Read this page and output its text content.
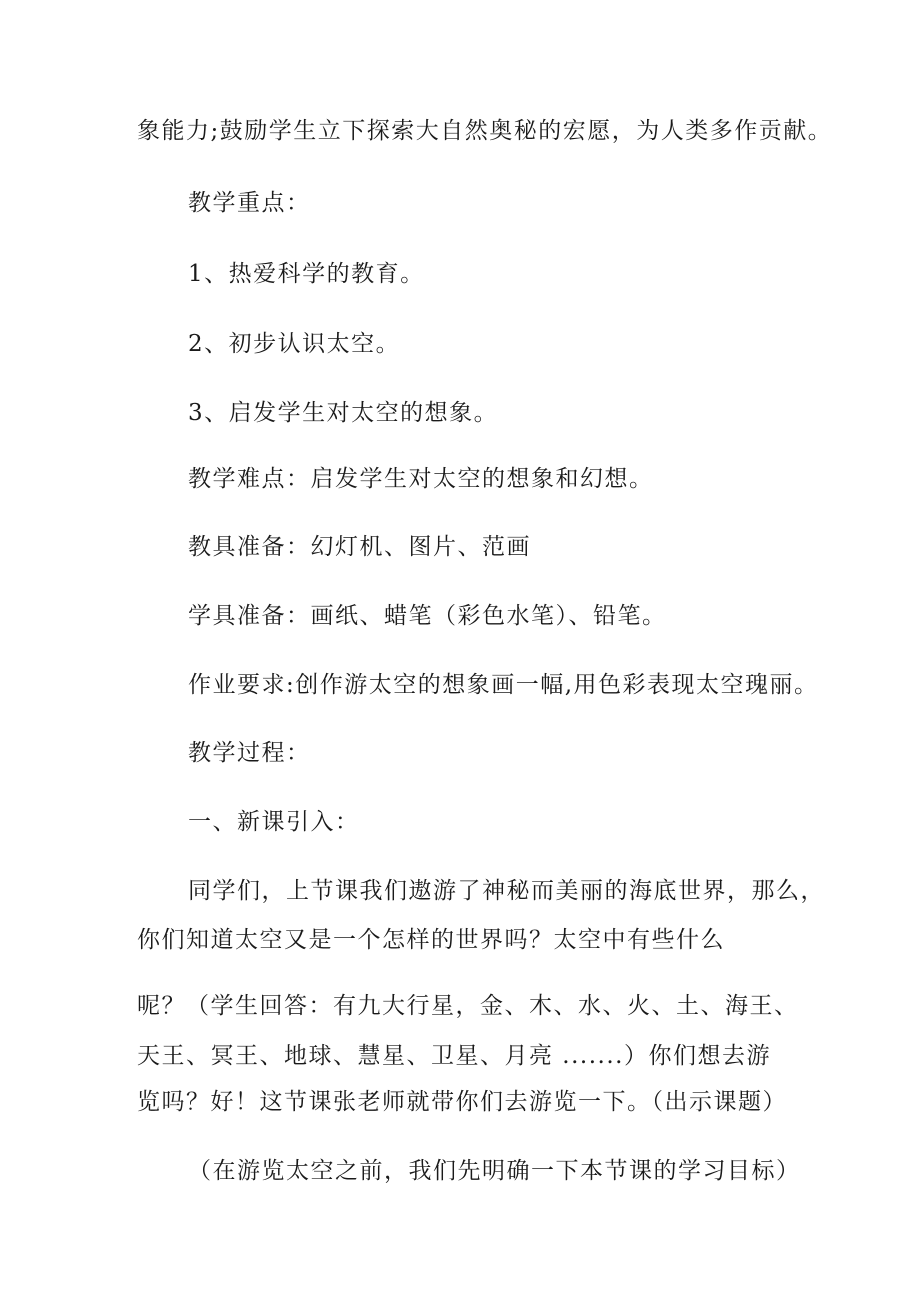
象能力;鼓励学生立下探索大自然奥秘的宏愿，为人类多作贡献。
教学重点：
1、热爱科学的教育。
2、初步认识太空。
3、启发学生对太空的想象。
教学难点：启发学生对太空的想象和幻想。
教具准备：幻灯机、图片、范画
学具准备：画纸、蜡笔（彩色水笔）、铅笔。
作业要求:创作游太空的想象画一幅,用色彩表现太空瑰丽。
教学过程：
一、新课引入：
同学们，上节课我们遨游了神秘而美丽的海底世界，那么，
你们知道太空又是一个怎样的世界吗？太空中有些什么
呢？（学生回答：有九大行星，金、木、水、火、土、海王、
天王、冥王、地球、慧星、卫星、月亮 .......）你们想去游
览吗？好！这节课张老师就带你们去游览一下。（出示课题）
（在游览太空之前，我们先明确一下本节课的学习目标）
